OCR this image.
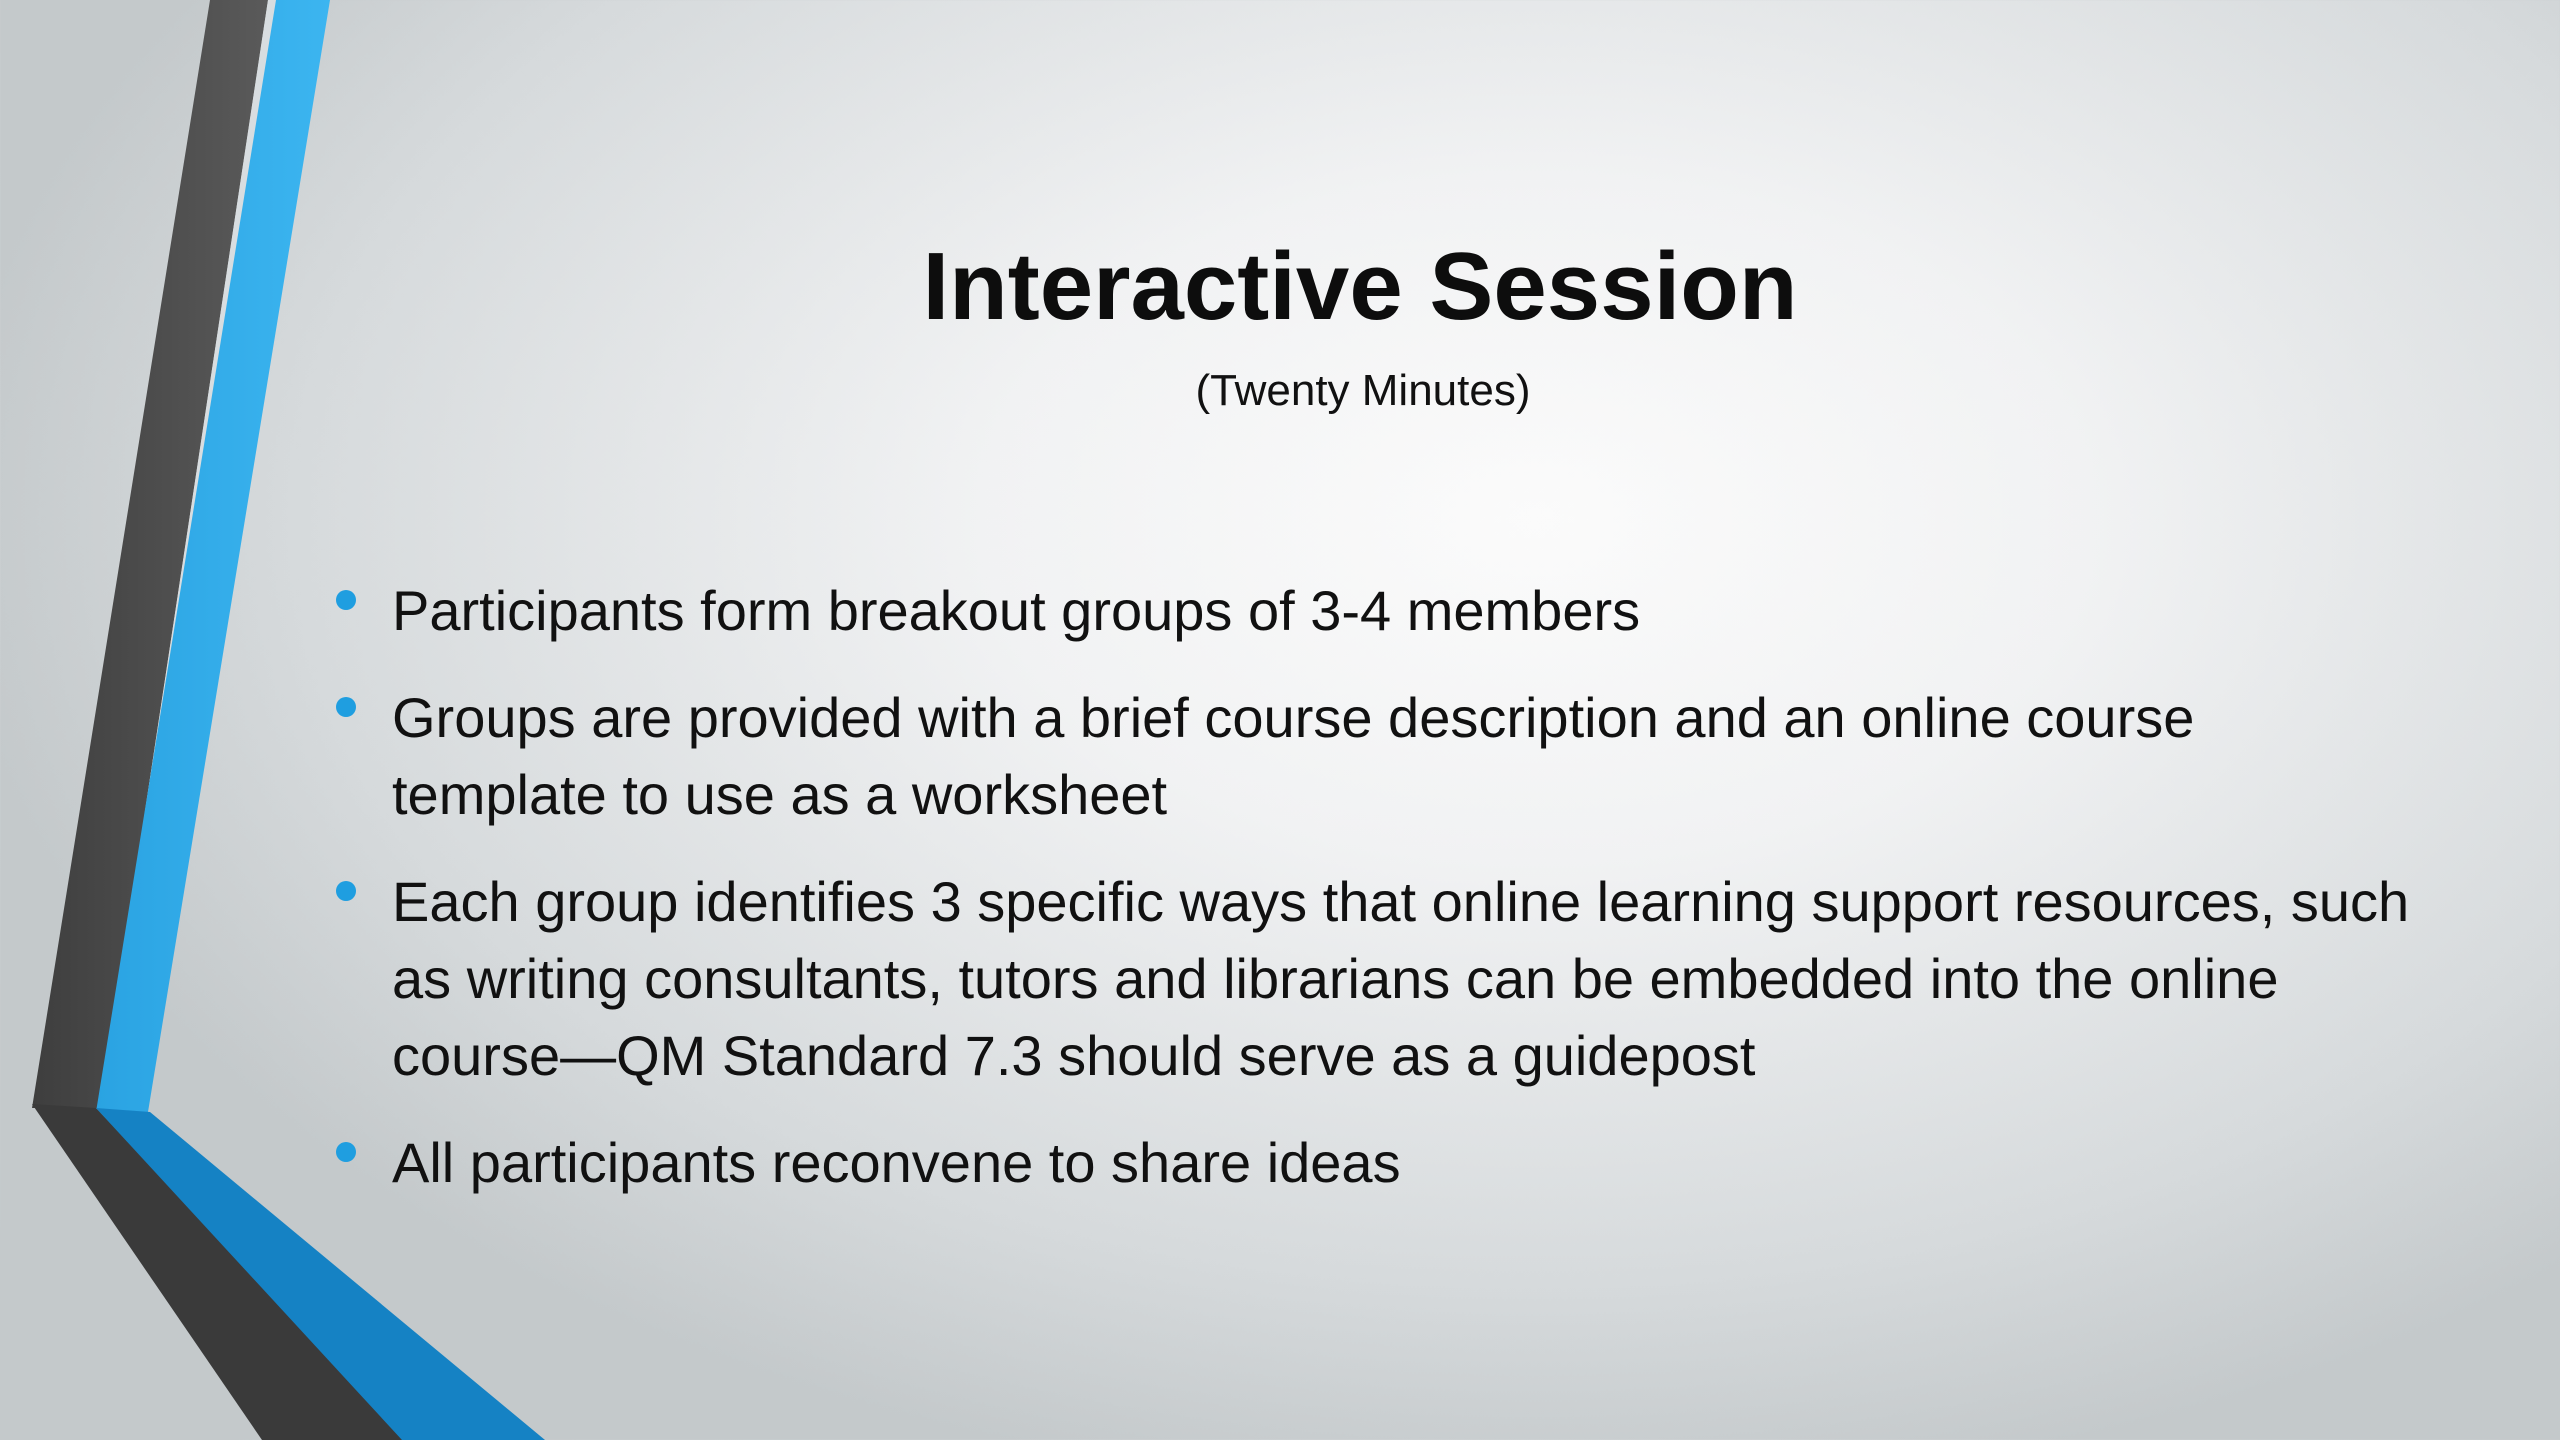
Interactive Session
(Twenty Minutes)
Participants form breakout groups of 3-4 members
Groups are provided with a brief course description and an online course template to use as a worksheet
Each group identifies 3 specific ways that online learning support resources, such as writing consultants, tutors and librarians can be embedded into the online course—QM Standard 7.3 should serve as a guidepost
All participants reconvene to share ideas
